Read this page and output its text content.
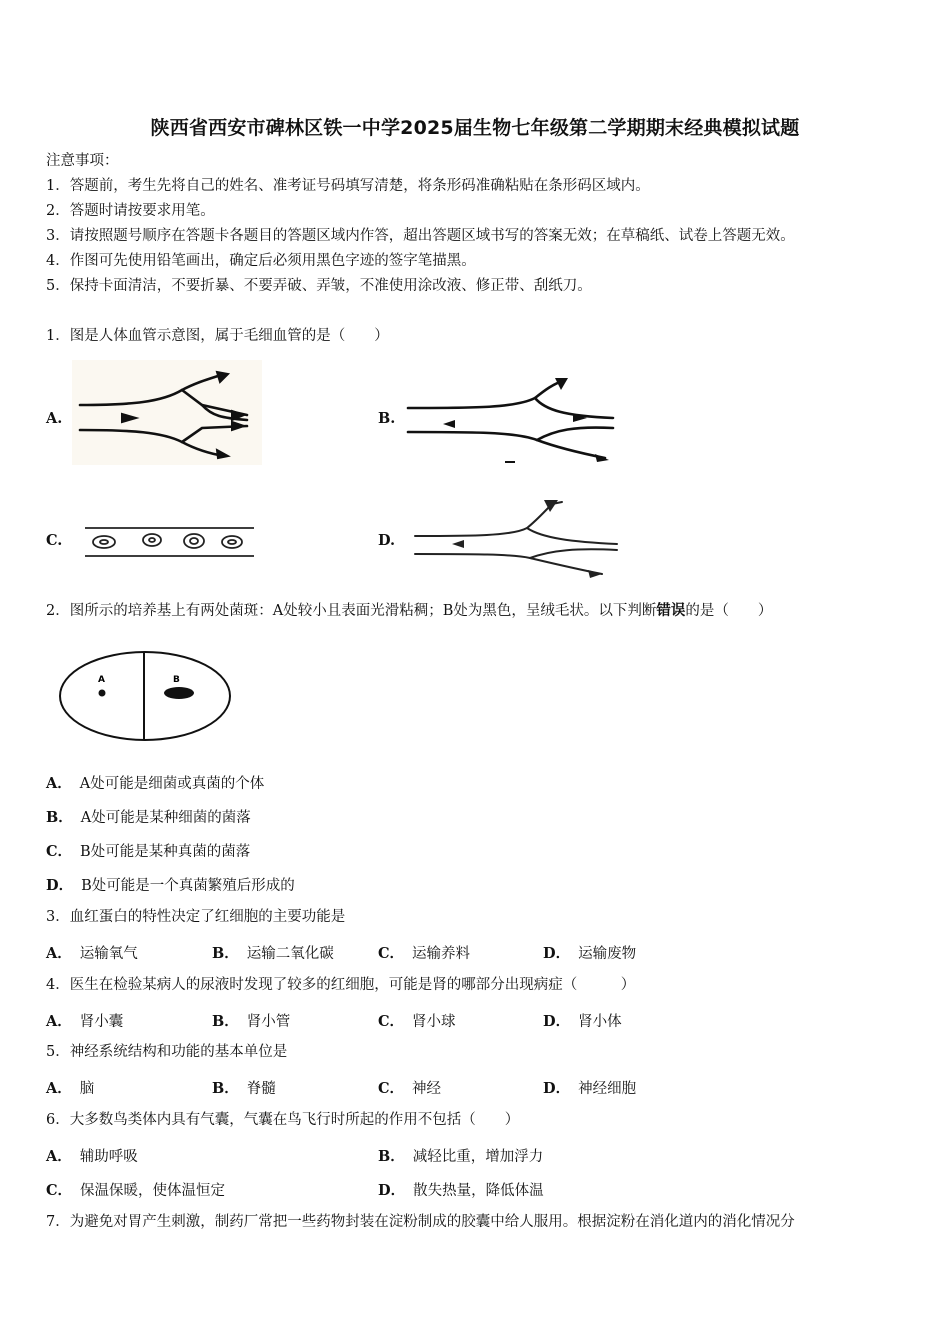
陕西省西安市碑林区铁一中学2025届生物七年级第二学期期末经典模拟试题
注意事项：
1．答题前，考生先将自己的姓名、准考证号码填写清楚，将条形码准确粘贴在条形码区域内。
2．答题时请按要求用笔。
3．请按照题号顺序在答题卡各题目的答题区域内作答，超出答题区域书写的答案无效；在草稿纸、试卷上答题无效。
4．作图可先使用铅笔画出，确定后必须用黑色字迹的签字笔描黑。
5．保持卡面清洁，不要折暴、不要弄破、弄皱，不准使用涂改液、修正带、刮纸刀。
1．图是人体血管示意图，属于毛细血管的是（　　）
A.	B.
C.	D.
2．图所示的培养基上有两处菌斑：A处较小且表面光滑粘稠；B处为黑色，呈绒毛状。以下判断错误的是（　　）
A	B
A． A处可能是细菌或真菌的个体
B． A处可能是某种细菌的菌落
C． B处可能是某种真菌的菌落
D． B处可能是一个真菌繁殖后形成的
3．血红蛋白的特性决定了红细胞的主要功能是
A． 运输氧气	B． 运输二氧化碳	C． 运输养料	D． 运输废物
4．医生在检验某病人的尿液时发现了较多的红细胞，可能是肾的哪部分出现病症（　　　）
A． 肾小囊	B． 肾小管	C． 肾小球	D． 肾小体
5．神经系统结构和功能的基本单位是
A． 脑	B． 脊髓	C． 神经	D． 神经细胞
6．大多数鸟类体内具有气囊，气囊在鸟飞行时所起的作用不包括（　　）
A． 辅助呼吸	B． 减轻比重，增加浮力
C． 保温保暖，使体温恒定	D． 散失热量，降低体温
7．为避免对胃产生刺激，制药厂常把一些药物封装在淀粉制成的胶囊中给人服用。根据淀粉在消化道内的消化情况分
